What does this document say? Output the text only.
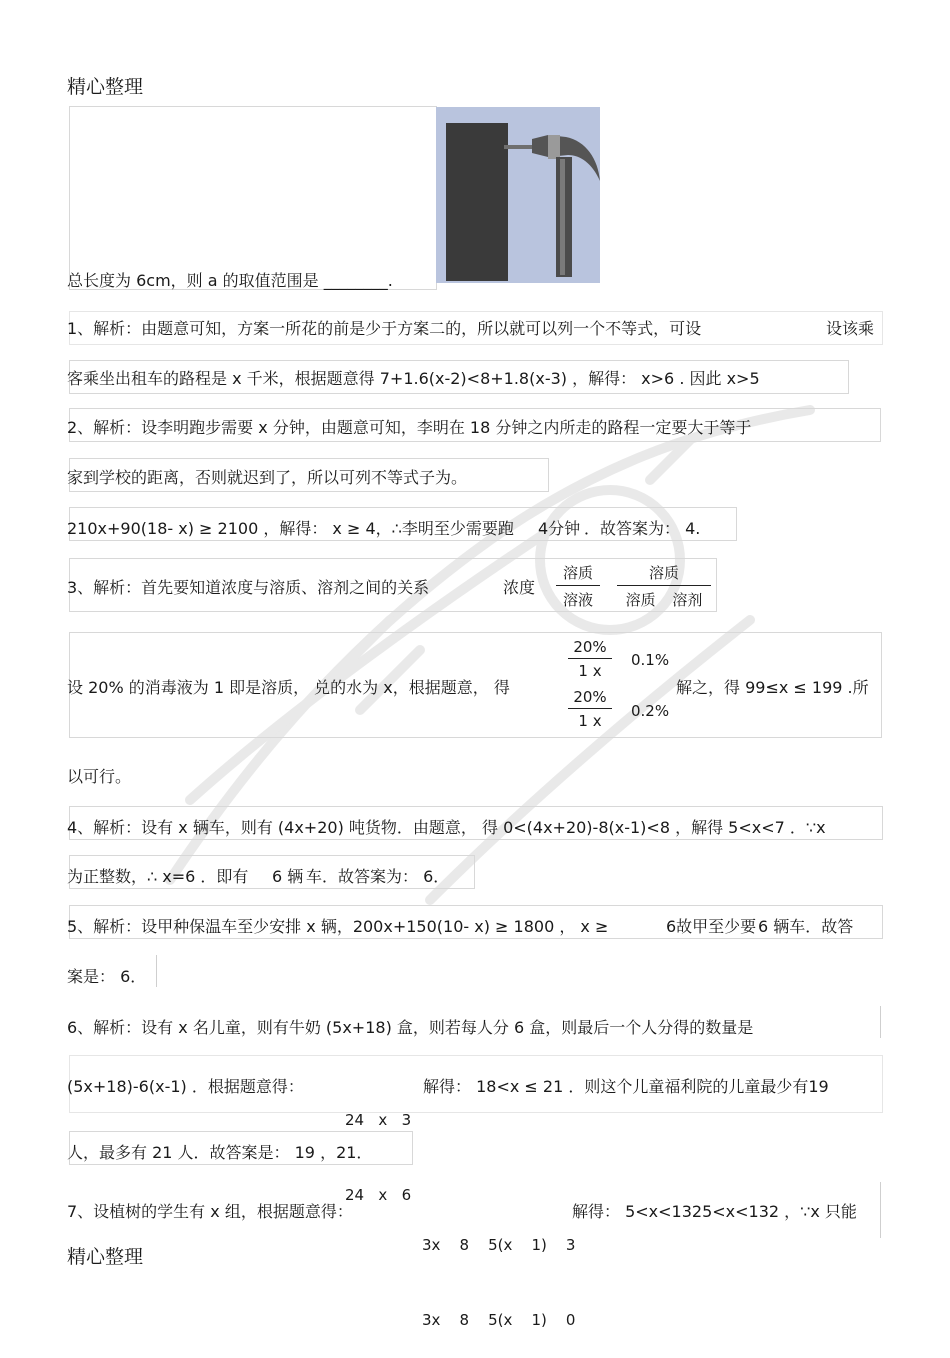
精心整理
总长度为 6cm，则 a 的取值范围是 ________.
1、解析：由题意可知，方案一所花的前是少于方案二的，所以就可以列一个不等式，可设	设该乘
客乘坐出租车的路程是 x 千米，根据题意得 7+1.6(x-2)<8+1.8(x-3) ，解得： x>6 . 因此 x>5
2、解析：设李明跑步需要 x 分钟，由题意可知，李明在 18 分钟之内所走的路程一定要大于等于
家到学校的距离，否则就迟到了，所以可列不等式子为。
210x+90(18- x) ≥ 2100 ，解得： x ≥ 4，∴李明至少需要跑 4分钟 ．故答案为： 4.
3、解析：首先要知道浓度与溶质、溶剂之间的关系	浓度
溶质
溶液
溶质
溶质 溶剂
设 20% 的消毒液为 1 即是溶质， 兑的水为 x，根据题意， 得
$\frac{20\%}{1 x} 0.1\%$
$\frac{20\%}{1 x} 0.2\%$
解之，得 99≤x ≤ 199 .所
以可行。
4、解析：设有 x 辆车，则有 (4x+20) 吨货物．由题意， 得 0<(4x+20)-8(x-1)<8 ，解得 5<x<7 ．∵x
为正整数，∴ x=6 ．即有 6 辆 车．故答案为： 6．
5、解析：设甲种保温车至少安排 x 辆，200x+150(10- x) ≥ 1800 ， x ≥	6故甲至少要 6 辆车．故答
案是： 6．
6、解析：设有 x 名儿童，则有牛奶 (5x+18) 盒，则若每人分 6 盒，则最后一个人分得的数量是
(5x+18)-6(x-1) ．根据题意得：

24   x   3

24   x   6

解得： 18<x ≤ 21 ．则这个儿童福利院的儿童最少有19
人，最多有 21 人．故答案是： 19 ，21．
7、设植树的学生有 x 组，根据题意得：

3x    8    5(x    1)    3

3x    8    5(x    1)    0

解得： 5<x<1325<x<132 ，∵x 只能
精心整理
